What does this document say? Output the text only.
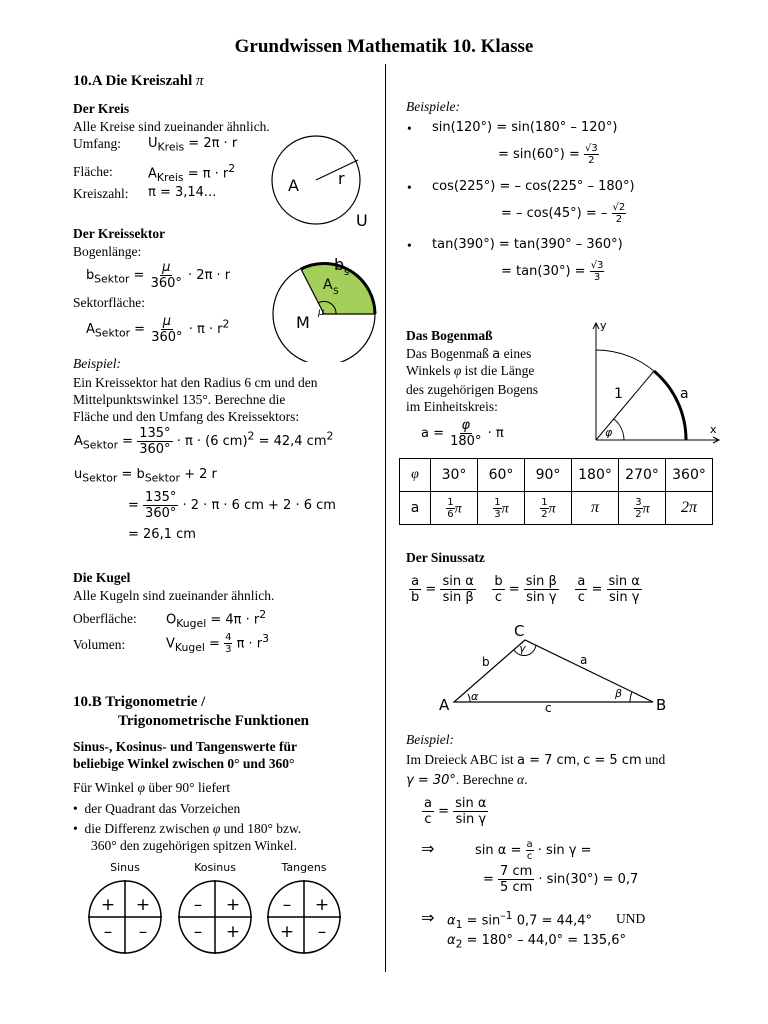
Grundwissen Mathematik 10. Klasse
10.A Die Kreiszahl π
Der Kreis
Alle Kreise sind zueinander ähnlich.
Umfang: $U_{Kreis} = 2\pi \cdot r$
Fläche:	$A_{Kreis} = \pi \cdot r^2$
Kreiszahl: π = 3,14...	A r
U
Der Kreissektor
Bogenlänge:
$b_{Sektor} = \frac{\mu}{360^\circ} \cdot 2\pi \cdot r$
Sektorfläche:
$A_{Sektor} = \frac{\mu}{360^\circ} \cdot \pi \cdot r^2$
μ
b s
A S
M
Beispiel:
Ein Kreissektor hat den Radius 6 cm und den
Mittelpunktswinkel 135°. Berechne die
Fläche und den Umfang des Kreissektors:
$A_{Sektor} = \frac{135^\circ}{360^\circ} \cdot \pi \cdot (6$ cm)$^2$ = 42,4 $cm^2$
$u_{Sektor} = b_{Sektor} + 2$ r
= $\frac{135^\circ}{360^\circ} \cdot 2 \cdot \pi \cdot 6$ cm + 2 · 6 cm
= 26,1 cm
Die Kugel
Alle Kugeln sind zueinander ähnlich.
Oberfläche: $O_{Kugel} = 4\pi \cdot r^2$
Volumen:	$V_{Kugel} = \frac{4}{3}$ $\pi \cdot r^3$
10.B Trigonometrie /
Trigonometrische Funktionen
Sinus-, Kosinus- und Tangenswerte für
beliebige Winkel zwischen 0° und 360°
Für Winkel φ über 90° liefert
• der Quadrant das Vorzeichen
• die Differenz zwischen φ und 180° bzw.
360° den zugehörigen spitzen Winkel.
Sinus
+
+
– –
Kosinus
+
–
– +
Tangens
+
–
+ –
Beispiele:
• sin(120°) = sin(180° – 120°)
= $\sin(60^\circ) = \frac{√3}{2}$
• cos(225°) = – cos(225° – 180°)
= – cos(45°) = – $\frac{√2}{2}$
• tan(390°) = tan(390° – 360°)
= $\tan(30^\circ) = \frac{√3}{3}$
Das Bogenmaß
Das Bogenmaß a eines
Winkels φ ist die Länge
des zugehörigen Bogens
im Einheitskreis:
$a = \frac{\varphi}{180^\circ} \cdot \pi$
y
x
φ
1	a
φ	30°	60°	90°	180°	270°	360°
a	$\frac{1}{6}$ π	$\frac{1}{3}$ π	$\frac{1}{2}$ π	π	$\frac{3}{2}$ π	2π
Der Sinussatz
$\frac{a}{b} = \frac{\text{sin α}}{\text{sin β}}$
$\frac{b}{c} = \frac{\text{sin β}}{\text{sin γ}}$
$\frac{a}{c} = \frac{\text{sin α}}{\text{sin γ}}$
A	B
C
a
b
c
α	β
γ
Beispiel:
Im Dreieck ABC ist a = 7 cm, c = 5 cm und
γ = 30°. Berechne α.
$\frac{a}{c} = \frac{\text{sin α}}{\text{sin γ}}$
⇒	$\sin \alpha = \frac{a}{c} \cdot \sin \gamma$ =
= $\frac{7 cm}{5 cm} \cdot \sin(30^\circ) = 0,7$
⇒ $\alpha_1 = \sin^{-1} 0,7 = 44,4^\circ$ UND
$\alpha_2 = 180^\circ - 44,0^\circ = 135,6^\circ$
